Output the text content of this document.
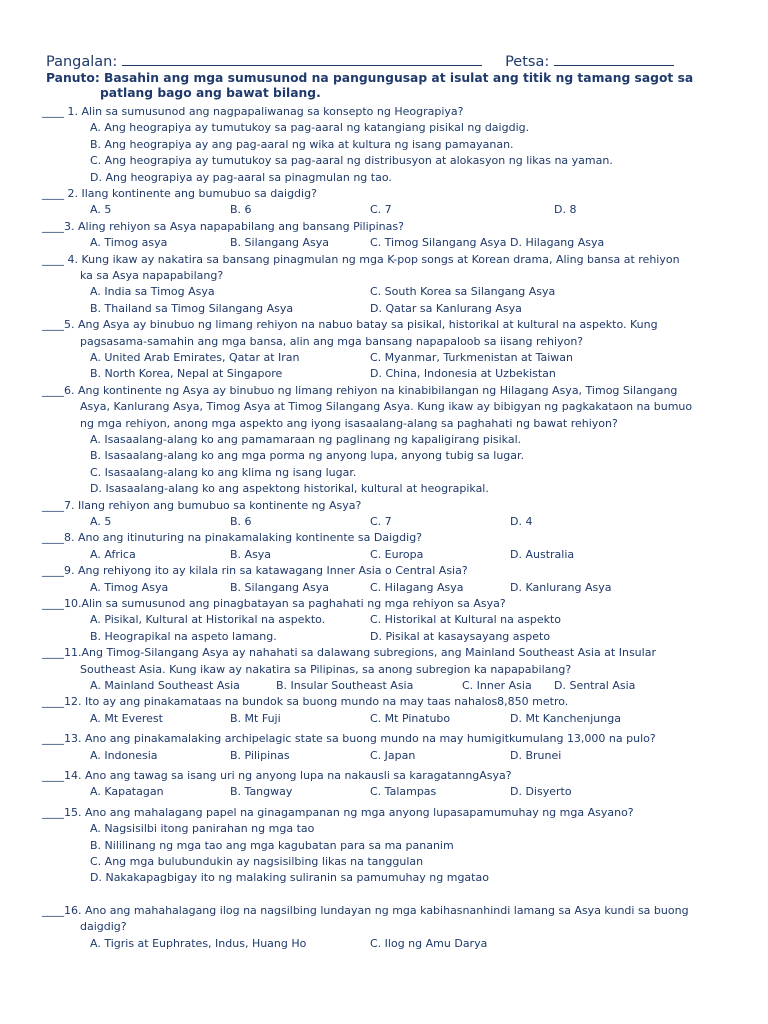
Pangalan:	Petsa:
Panuto: Basahin ang mga sumusunod na pangungusap at isulat ang titik ng tamang sagot sa
patlang bago ang bawat bilang.
____ 1. Alin sa sumusunod ang nagpapaliwanag sa konsepto ng Heograpiya?
A. Ang heograpiya ay tumutukoy sa pag-aaral ng katangiang pisikal ng daigdig.
B. Ang heograpiya ay ang pag-aaral ng wika at kultura ng isang pamayanan.
C. Ang heograpiya ay tumutukoy sa pag-aaral ng distribusyon at alokasyon ng likas na yaman.
D. Ang heograpiya ay pag-aaral sa pinagmulan ng tao.
____ 2. Ilang kontinente ang bumubuo sa daigdig?
A. 5	B. 6	C. 7	D. 8
____3. Aling rehiyon sa Asya napapabilang ang bansang Pilipinas?
A. Timog asya	B. Silangang Asya	C. Timog Silangang Asya D. Hilagang Asya
____ 4. Kung ikaw ay nakatira sa bansang pinagmulan ng mga K-pop songs at Korean drama, Aling bansa at rehiyon
ka sa Asya napapabilang?
A. India sa Timog Asya	C. South Korea sa Silangang Asya
B. Thailand sa Timog Silangang Asya	D. Qatar sa Kanlurang Asya
____5. Ang Asya ay binubuo ng limang rehiyon na nabuo batay sa pisikal, historikal at kultural na aspekto. Kung
pagsasama-samahin ang mga bansa, alin ang mga bansang napapaloob sa iisang rehiyon?
A. United Arab Emirates, Qatar at Iran	C. Myanmar, Turkmenistan at Taiwan
B. North Korea, Nepal at Singapore	D. China, Indonesia at Uzbekistan
____6. Ang kontinente ng Asya ay binubuo ng limang rehiyon na kinabibilangan ng Hilagang Asya, Timog Silangang
Asya, Kanlurang Asya, Timog Asya at Timog Silangang Asya. Kung ikaw ay bibigyan ng pagkakataon na bumuo
ng mga rehiyon, anong mga aspekto ang iyong isasaalang-alang sa paghahati ng bawat rehiyon?
A. Isasaalang-alang ko ang pamamaraan ng paglinang ng kapaligirang pisikal.
B. Isasaalang-alang ko ang mga porma ng anyong lupa, anyong tubig sa lugar.
C. Isasaalang-alang ko ang klima ng isang lugar.
D. Isasaalang-alang ko ang aspektong historikal, kultural at heograpikal.
____7. Ilang rehiyon ang bumubuo sa kontinente ng Asya?
A. 5	B. 6	C. 7	D. 4
____8. Ano ang itinuturing na pinakamalaking kontinente sa Daigdig?
A. Africa	B. Asya	C. Europa	D. Australia
____9. Ang rehiyong ito ay kilala rin sa katawagang Inner Asia o Central Asia?
A. Timog Asya	B. Silangang Asya	C. Hilagang Asya	D. Kanlurang Asya
____10.Alin sa sumusunod ang pinagbatayan sa paghahati ng mga rehiyon sa Asya?
A. Pisikal, Kultural at Historikal na aspekto.	C. Historikal at Kultural na aspekto
B. Heograpikal na aspeto lamang.	D. Pisikal at kasaysayang aspeto
____11.Ang Timog-Silangang Asya ay nahahati sa dalawang subregions, ang Mainland Southeast Asia at Insular
Southeast Asia. Kung ikaw ay nakatira sa Pilipinas, sa anong subregion ka napapabilang?
A. Mainland Southeast Asia	B. Insular Southeast Asia	C. Inner Asia D. Sentral Asia
____12. Ito ay ang pinakamataas na bundok sa buong mundo na may taas nahalos8,850 metro.
A. Mt Everest	B. Mt Fuji	C. Mt Pinatubo	D. Mt Kanchenjunga
____13. Ano ang pinakamalaking archipelagic state sa buong mundo na may humigitkumulang 13,000 na pulo?
A. Indonesia	B. Pilipinas	C. Japan	D. Brunei
____14. Ano ang tawag sa isang uri ng anyong lupa na nakausli sa karagatanngAsya?
A. Kapatagan	B. Tangway	C. Talampas	D. Disyerto
____15. Ano ang mahalagang papel na ginagampanan ng mga anyong lupasapamumuhay ng mga Asyano?
A. Nagsisilbi itong panirahan ng mga tao
B. Nililinang ng mga tao ang mga kagubatan para sa ma pananim
C. Ang mga bulubundukin ay nagsisilbing likas na tanggulan
D. Nakakapagbigay ito ng malaking suliranin sa pamumuhay ng mgatao
____16. Ano ang mahahalagang ilog na nagsilbing lundayan ng mga kabihasnanhindi lamang sa Asya kundi sa buong
daigdig?
A. Tigris at Euphrates, Indus, Huang Ho	C. Ilog ng Amu Darya
